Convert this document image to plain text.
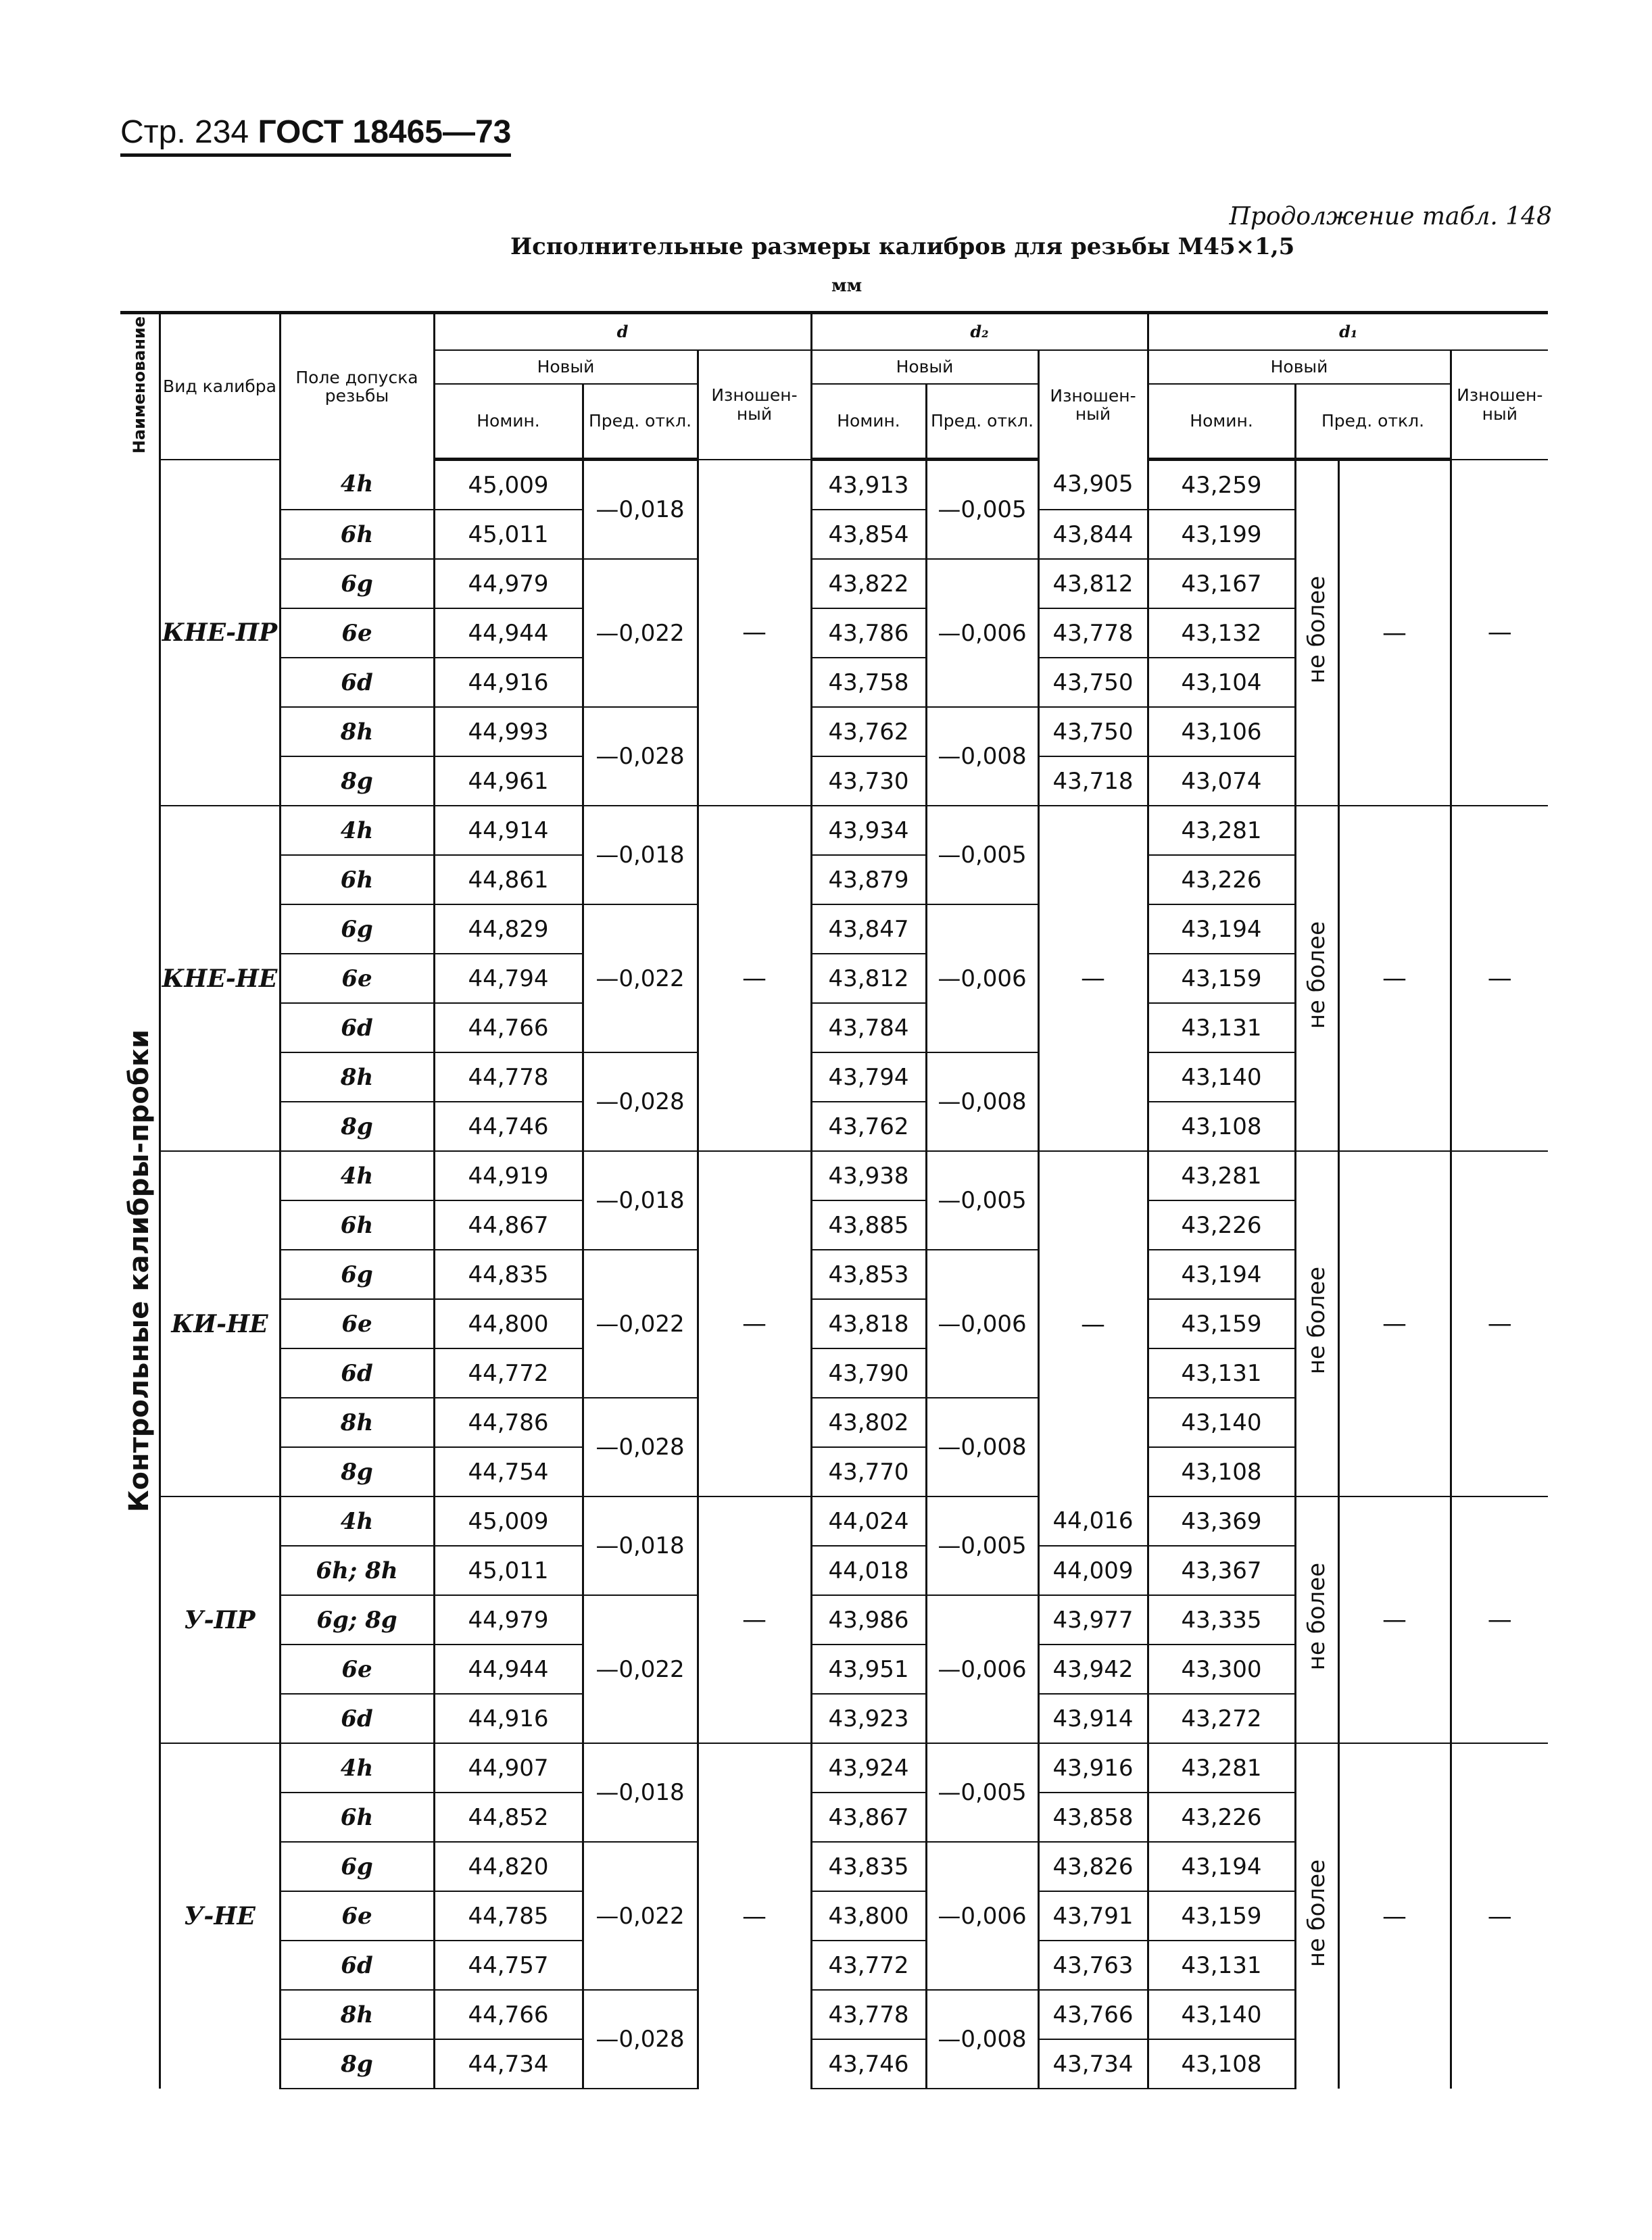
Стр. 234 ГОСТ 18465—73
Продолжение табл. 148
Исполнительные размеры калибров для резьбы М45×1,5
мм
Наименование	Вид калибра	Поле допуска резьбы	d			d₂			d₁			
			Новый		Изношен-ный	Новый		Изношен-ный	Новый			Изношен-ный
			Номин.	Пред. откл.		Номин.	Пред. откл.		Номин.	Пред. откл.		
Контрольные калибры-пробки	КНЕ-ПР	4h	45,009	—0,018	—	43,913	—0,005	43,905	43,259	не более	—	—
		6h	45,011			43,854		43,844	43,199			
		6g	44,979	—0,022		43,822	—0,006	43,812	43,167			
		6e	44,944			43,786		43,778	43,132			
		6d	44,916			43,758		43,750	43,104			
		8h	44,993	—0,028		43,762	—0,008	43,750	43,106			
		8g	44,961			43,730		43,718	43,074			
	КНЕ-НЕ	4h	44,914	—0,018	—	43,934	—0,005	—	43,281	не более	—	—
		6h	44,861			43,879			43,226			
		6g	44,829	—0,022		43,847	—0,006		43,194			
		6e	44,794			43,812			43,159			
		6d	44,766			43,784			43,131			
		8h	44,778	—0,028		43,794	—0,008		43,140			
		8g	44,746			43,762			43,108			
	КИ-НЕ	4h	44,919	—0,018	—	43,938	—0,005	—	43,281	не более	—	—
		6h	44,867			43,885			43,226			
		6g	44,835	—0,022		43,853	—0,006		43,194			
		6e	44,800			43,818			43,159			
		6d	44,772			43,790			43,131			
		8h	44,786	—0,028		43,802	—0,008		43,140			
		8g	44,754			43,770			43,108			
	У-ПР	4h	45,009	—0,018	—	44,024	—0,005	44,016	43,369	не более	—	—
		6h; 8h	45,011			44,018		44,009	43,367			
		6g; 8g	44,979	—0,022		43,986	—0,006	43,977	43,335			
		6e	44,944			43,951		43,942	43,300			
		6d	44,916			43,923		43,914	43,272			
	У-НЕ	4h	44,907	—0,018	—	43,924	—0,005	43,916	43,281	не более	—	—
		6h	44,852			43,867		43,858	43,226			
		6g	44,820	—0,022		43,835	—0,006	43,826	43,194			
		6e	44,785			43,800		43,791	43,159			
		6d	44,757			43,772		43,763	43,131			
		8h	44,766	—0,028		43,778	—0,008	43,766	43,140			
		8g	44,734			43,746		43,734	43,108			
